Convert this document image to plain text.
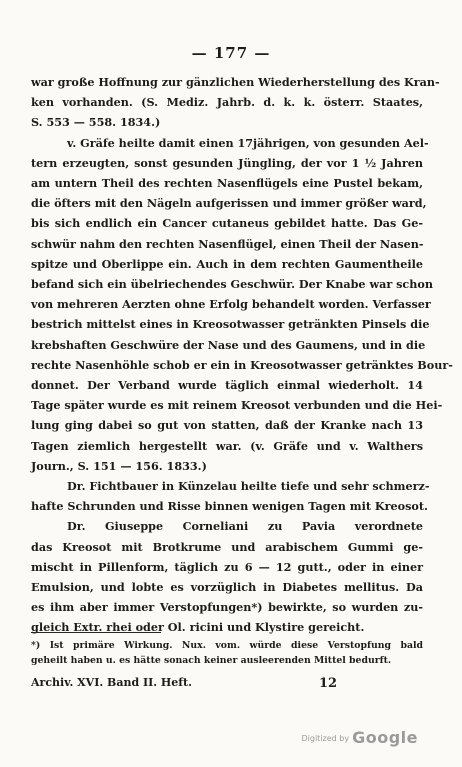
— 177 —
war große Hoffnung zur gänzlichen Wiederherstellung des Kran-
ken vorhanden. (S. Mediz. Jahrb. d. k. k. österr. Staates,
S. 553 — 558. 1834.)
v. Gräfe heilte damit einen 17jährigen, von gesunden Ael-
tern erzeugten, sonst gesunden Jüngling, der vor 1 ½ Jahren
am untern Theil des rechten Nasenflügels eine Pustel bekam,
die öfters mit den Nägeln aufgerissen und immer größer ward,
bis sich endlich ein Cancer cutaneus gebildet hatte. Das Ge-
schwür nahm den rechten Nasenflügel, einen Theil der Nasen-
spitze und Oberlippe ein. Auch in dem rechten Gaumentheile
befand sich ein übelriechendes Geschwür. Der Knabe war schon
von mehreren Aerzten ohne Erfolg behandelt worden. Verfasser
bestrich mittelst eines in Kreosotwasser getränkten Pinsels die
krebshaften Geschwüre der Nase und des Gaumens, und in die
rechte Nasenhöhle schob er ein in Kreosotwasser getränktes Bour-
donnet. Der Verband wurde täglich einmal wiederholt. 14
Tage später wurde es mit reinem Kreosot verbunden und die Hei-
lung ging dabei so gut von statten, daß der Kranke nach 13
Tagen ziemlich hergestellt war. (v. Gräfe und v. Walthers
Journ., S. 151 — 156. 1833.)
Dr. Fichtbauer in Künzelau heilte tiefe und sehr schmerz-
hafte Schrunden und Risse binnen wenigen Tagen mit Kreosot.
Dr. Giuseppe Corneliani zu Pavia verordnete
das Kreosot mit Brotkrume und arabischem Gummi ge-
mischt in Pillenform, täglich zu 6 — 12 gutt., oder in einer
Emulsion, und lobte es vorzüglich in Diabetes mellitus. Da
es ihm aber immer Verstopfungen*) bewirkte, so wurden zu-
gleich Extr. rhei oder Ol. ricini und Klystire gereicht.
*) Ist primäre Wirkung. Nux. vom. würde diese Verstopfung bald
geheilt haben u. es hätte sonach keiner ausleerenden Mittel bedurft.
Archiv. XVI. Band II. Heft.	12
Digitized by Google
